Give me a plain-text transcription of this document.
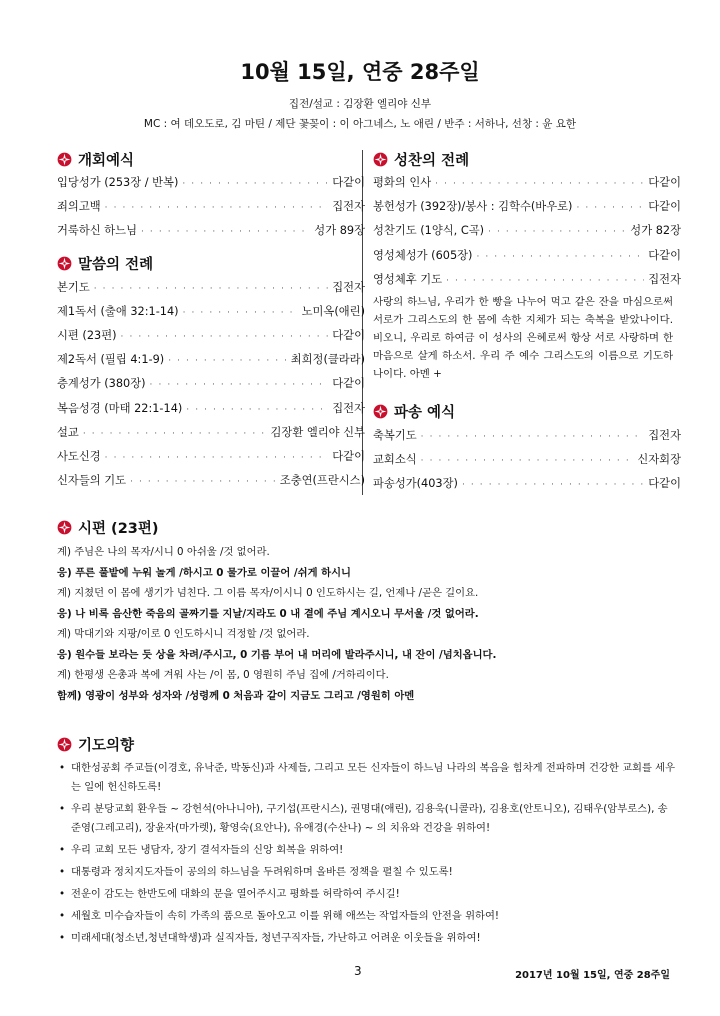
10월 15일, 연중 28주일
집전/설교 : 김장환 엘리야 신부
MC : 여 데오도로, 김 마틴 / 제단 꽃꽂이 : 이 아그네스, 노 애린 / 반주 : 서하나, 선창 : 윤 요한
개회예식
입당성가 (253장 / 반복) · · ·	다같이
죄의고백 · · ·	집전자
거룩하신 하느님 · · ·	성가 89장
말씀의 전례
본기도 · · ·	집전자
제1독서 (출애 32:1-14) · · ·	노미옥(애린)
시편 (23편) · · ·	다같이
제2독서 (필립 4:1-9) · · ·	최희정(클라라)
층계성가 (380장) · · ·	다같이
복음성경 (마태 22:1-14) · · ·	집전자
설교 · · ·	김장환 엘리야 신부
사도신경 · · ·	다같이
신자들의 기도 · · ·	조충연(프란시스)
성찬의 전례
평화의 인사 · · ·	다같이
봉헌성가 (392장)/봉사 : 김학수(바우로) · · ·	다같이
성찬기도 (1양식, C곡) · · ·	성가 82장
영성체성가 (605장) · · ·	다같이
영성체후 기도 · · ·	집전자
사랑의 하느님, 우리가 한 빵을 나누어 먹고 같은 잔을 마심으로써 서로가 그리스도의 한 몸에 속한 지체가 되는 축복을 받았나이다. 비오니, 우리로 하여금 이 성사의 은혜로써 항상 서로 사랑하며 한 마음으로 살게 하소서. 우리 주 예수 그리스도의 이름으로 기도하나이다. 아멘 +
파송 예식
축복기도 · · ·	집전자
교회소식 · · ·	신자회장
파송성가(403장) · · ·	다같이
시편 (23편)
계) 주님은 나의 목자/시니 0 아쉬울 /것 없어라.
응) 푸른 풀밭에 누워 놀게 /하시고 0 물가로 이끌어 /쉬게 하시니
계) 지쳤던 이 몸에 생기가 넘친다. 그 이름 목자/이시니 0 인도하시는 길, 언제나 /곧은 길이요.
응) 나 비록 음산한 죽음의 골짜기를 지날/지라도 0 내 곁에 주님 계시오니 무서울 /것 없어라.
계) 막대기와 지팡/이로 0 인도하시니 걱정할 /것 없어라.
응) 원수들 보라는 듯 상을 차려/주시고, 0 기름 부어 내 머리에 발라주시니, 내 잔이 /넘치옵니다.
계) 한평생 은총과 복에 겨워 사는 /이 몸, 0 영원히 주님 집에 /거하리이다.
함께) 영광이 성부와 성자와 /성령께 0 처음과 같이 지금도 그리고 /영원히 아멘
기도의향
• 대한성공회 주교들(이경호, 유낙준, 박동신)과 사제들, 그리고 모든 신자들이 하느님 나라의 복음을 힘차게 전파하며 건강한 교회를 세우는 일에 헌신하도록!
• 우리 분당교회 환우들 ~ 강헌석(아나니아), 구기섭(프란시스), 권명대(애린), 김용욱(니콜라), 김용호(안토니오), 김태우(암부로스), 송준영(그레고리), 장윤자(마가렛), 황영숙(요안나), 유애경(수산나) ~ 의 치유와 건강을 위하여!
• 우리 교회 모든 냉담자, 장기 결석자들의 신앙 회복을 위하여!
• 대통령과 정치지도자들이 공의의 하느님을 두려워하며 올바른 정책을 펼칠 수 있도록!
• 전운이 감도는 한반도에 대화의 문을 열어주시고 평화를 허락하여 주시길!
• 세월호 미수습자들이 속히 가족의 품으로 돌아오고 이를 위해 애쓰는 작업자들의 안전을 위하여!
• 미래세대(청소년,청년대학생)과 실직자들, 청년구직자들, 가난하고 어려운 이웃들을 위하여!
3	2017년 10월 15일, 연중 28주일
